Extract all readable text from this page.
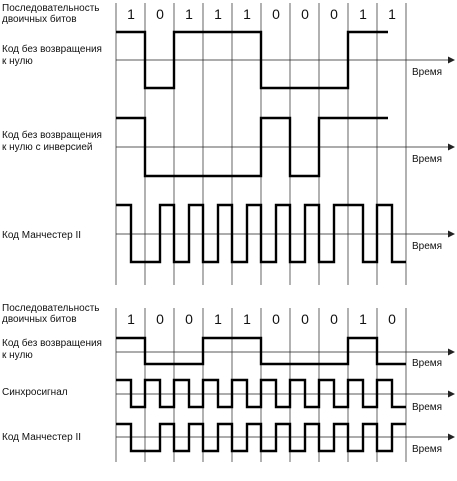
Последовательность двоичных битов	1 0 1 1 1 0 0 0 1 1
Код без возвращения к нулю
Время
Код без возвращения к нулю с инверсией
Время
Код Манчестер II
Время
Последовательность двоичных битов	1 0 0 1 1 0 0 0 1 0
Код без возвращения к нулю
Время
Синхросигнал
Время
Код Манчестер II
Время
